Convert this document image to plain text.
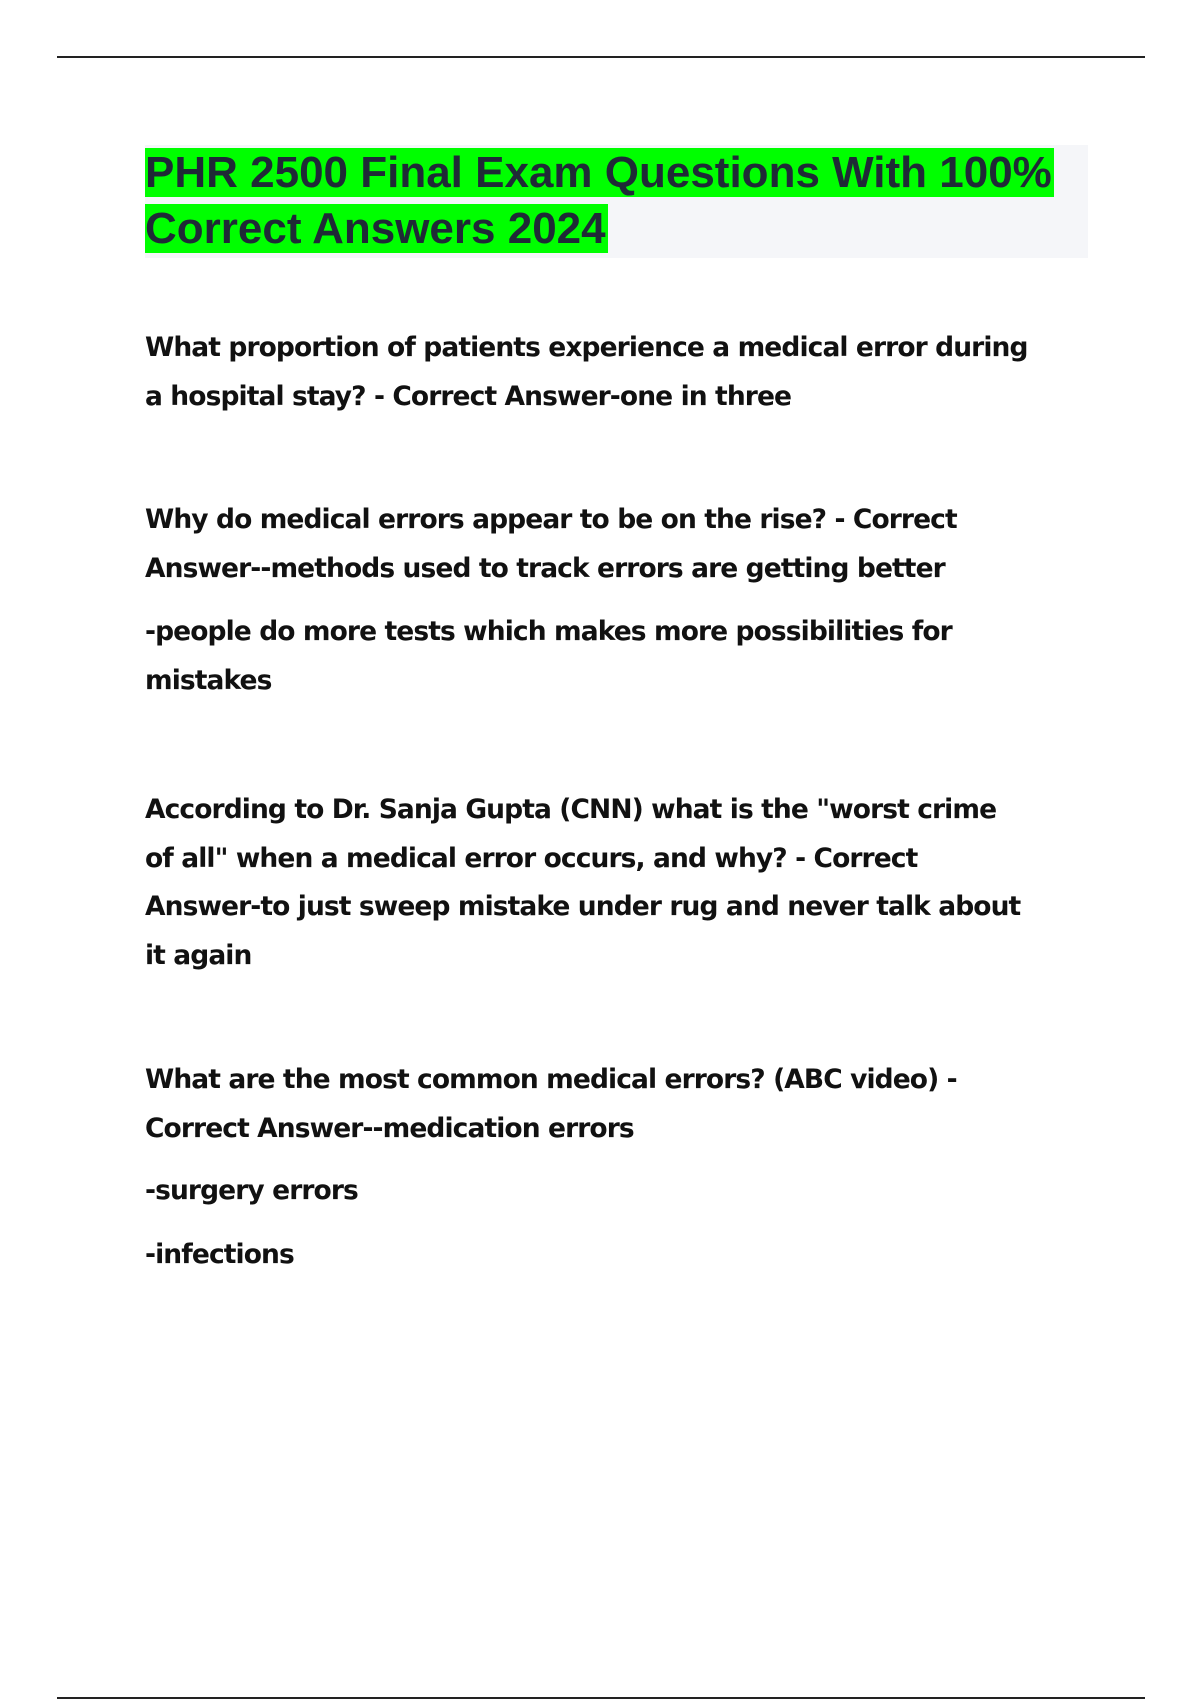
PHR 2500 Final Exam Questions With 100% Correct Answers 2024

What proportion of patients experience a medical error during
a hospital stay? - Correct Answer-one in three

Why do medical errors appear to be on the rise? - Correct
Answer--methods used to track errors are getting better

-people do more tests which makes more possibilities for
mistakes

According to Dr. Sanja Gupta (CNN) what is the "worst crime
of all" when a medical error occurs, and why? - Correct
Answer-to just sweep mistake under rug and never talk about
it again

What are the most common medical errors? (ABC video) -
Correct Answer--medication errors

-surgery errors

-infections
